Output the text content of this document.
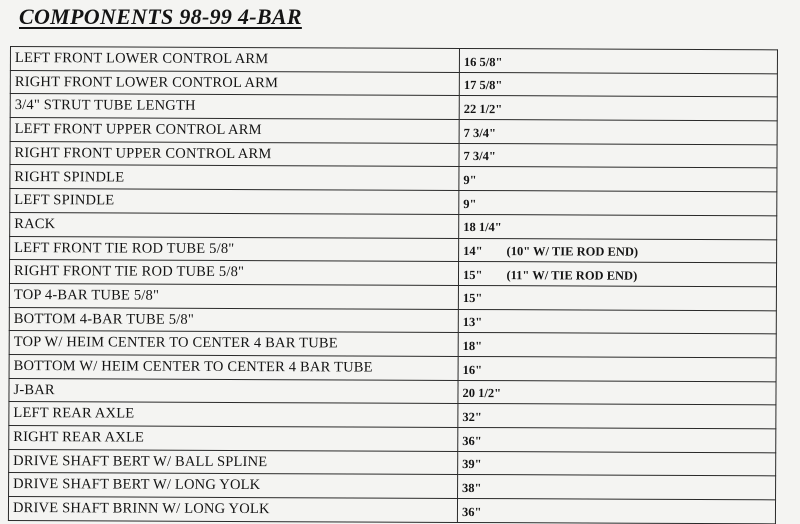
COMPONENTS 98-99 4-BAR
LEFT FRONT LOWER CONTROL ARM	16 5/8"
RIGHT FRONT LOWER CONTROL ARM	17 5/8"
3/4" STRUT TUBE LENGTH	22 1/2"
LEFT FRONT UPPER CONTROL ARM	7 3/4"
RIGHT FRONT UPPER CONTROL ARM	7 3/4"
RIGHT SPINDLE	9"
LEFT SPINDLE	9"
RACK	18 1/4"
LEFT FRONT TIE ROD TUBE 5/8"	14" (10" W/ TIE ROD END)
RIGHT FRONT TIE ROD TUBE 5/8"	15" (11" W/ TIE ROD END)
TOP 4-BAR TUBE 5/8"	15"
BOTTOM 4-BAR TUBE 5/8"	13"
TOP W/ HEIM CENTER TO CENTER 4 BAR TUBE	18"
BOTTOM W/ HEIM CENTER TO CENTER 4 BAR TUBE	16"
J-BAR	20 1/2"
LEFT REAR AXLE	32"
RIGHT REAR AXLE	36"
DRIVE SHAFT BERT W/ BALL SPLINE	39"
DRIVE SHAFT BERT W/ LONG YOLK	38"
DRIVE SHAFT BRINN W/ LONG YOLK	36"
